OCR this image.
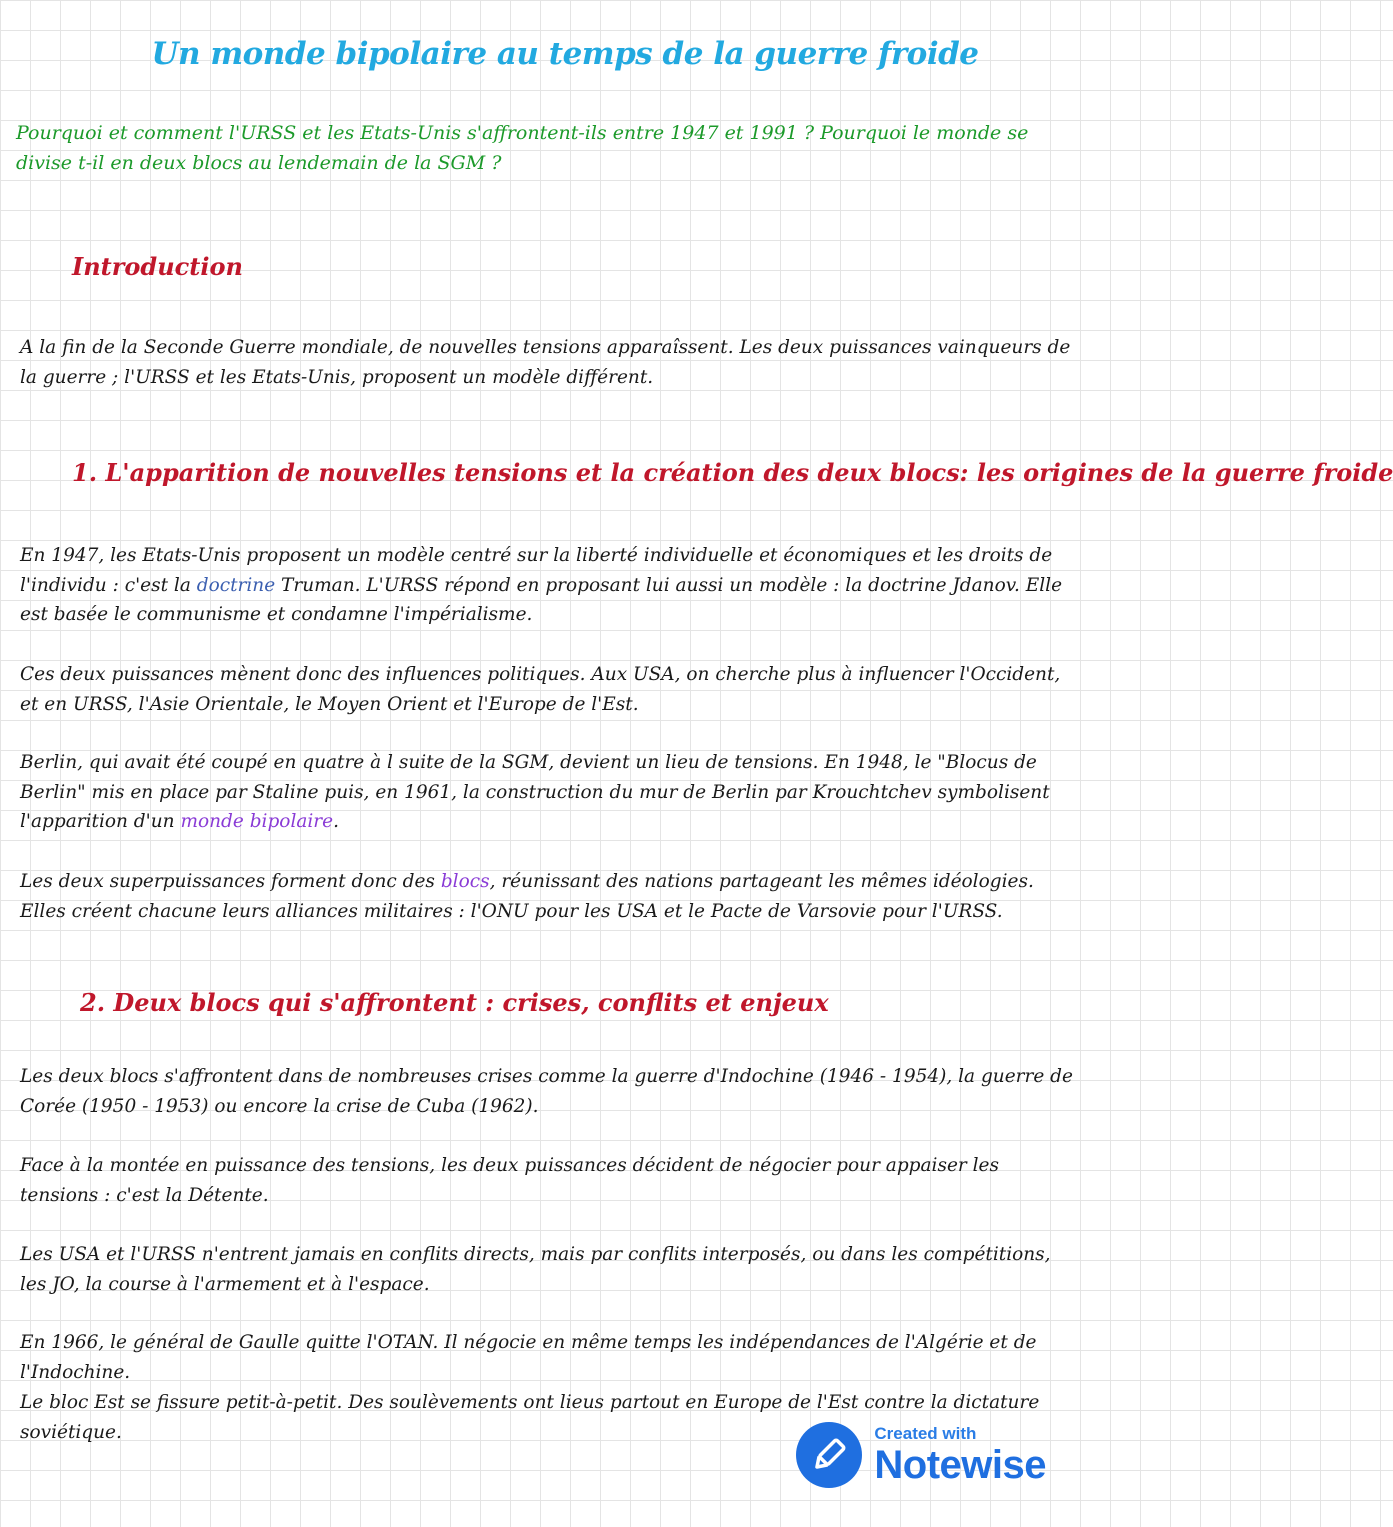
Un monde bipolaire au temps de la guerre froide

Pourquoi et comment l'URSS et les Etats-Unis s'affrontent-ils entre 1947 et 1991 ? Pourquoi le monde se divise t-il en deux blocs au lendemain de la SGM ?

Introduction

A la fin de la Seconde Guerre mondiale, de nouvelles tensions apparaîssent. Les deux puissances vainqueurs de la guerre ; l'URSS et les Etats-Unis, proposent un modèle différent.

1. L'apparition de nouvelles tensions et la création des deux blocs: les origines de la guerre froide

En 1947, les Etats-Unis proposent un modèle centré sur la liberté individuelle et économiques et les droits de l'individu : c'est la doctrine Truman. L'URSS répond en proposant lui aussi un modèle : la doctrine Jdanov. Elle est basée le communisme et condamne l'impérialisme.

Ces deux puissances mènent donc des influences politiques. Aux USA, on cherche plus à influencer l'Occident, et en URSS, l'Asie Orientale, le Moyen Orient et l'Europe de l'Est.

Berlin, qui avait été coupé en quatre à l suite de la SGM, devient un lieu de tensions. En 1948, le "Blocus de Berlin" mis en place par Staline puis, en 1961, la construction du mur de Berlin par Krouchtchev symbolisent l'apparition d'un monde bipolaire.

Les deux superpuissances forment donc des blocs, réunissant des nations partageant les mêmes idéologies.
Elles créent chacune leurs alliances militaires : l'ONU pour les USA et le Pacte de Varsovie pour l'URSS.

2. Deux blocs qui s'affrontent : crises, conflits et enjeux

Les deux blocs s'affrontent dans de nombreuses crises comme la guerre d'Indochine (1946 - 1954), la guerre de Corée (1950 - 1953) ou encore la crise de Cuba (1962).

Face à la montée en puissance des tensions, les deux puissances décident de négocier pour appaiser les tensions : c'est la Détente.

Les USA et l'URSS n'entrent jamais en conflits directs, mais par conflits interposés, ou dans les compétitions, les JO, la course à l'armement et à l'espace.

En 1966, le général de Gaulle quitte l'OTAN. Il négocie en même temps les indépendances de l'Algérie et de l'Indochine.

Le bloc Est se fissure petit-à-petit. Des soulèvements ont lieus partout en Europe de l'Est contre la dictature soviétique.	Created with
Notewise
